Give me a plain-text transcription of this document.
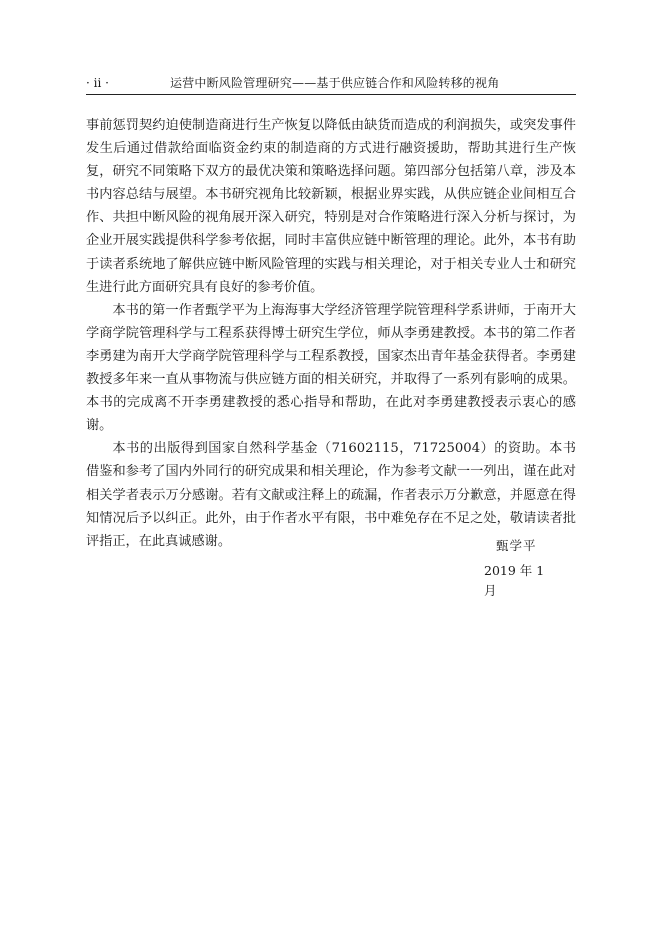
· ii ·	运营中断风险管理研究——基于供应链合作和风险转移的视角

事前惩罚契约迫使制造商进行生产恢复以降低由缺货而造成的利润损失，或突发事件发生后通过借款给面临资金约束的制造商的方式进行融资援助，帮助其进行生产恢复，研究不同策略下双方的最优决策和策略选择问题。第四部分包括第八章，涉及本书内容总结与展望。本书研究视角比较新颖，根据业界实践，从供应链企业间相互合作、共担中断风险的视角展开深入研究，特别是对合作策略进行深入分析与探讨，为企业开展实践提供科学参考依据，同时丰富供应链中断管理的理论。此外，本书有助于读者系统地了解供应链中断风险管理的实践与相关理论，对于相关专业人士和研究生进行此方面研究具有良好的参考价值。

本书的第一作者甄学平为上海海事大学经济管理学院管理科学系讲师，于南开大学商学院管理科学与工程系获得博士研究生学位，师从李勇建教授。本书的第二作者李勇建为南开大学商学院管理科学与工程系教授，国家杰出青年基金获得者。李勇建教授多年来一直从事物流与供应链方面的相关研究，并取得了一系列有影响的成果。本书的完成离不开李勇建教授的悉心指导和帮助，在此对李勇建教授表示衷心的感谢。

本书的出版得到国家自然科学基金（71602115，71725004）的资助。本书借鉴和参考了国内外同行的研究成果和相关理论，作为参考文献一一列出，谨在此对相关学者表示万分感谢。若有文献或注释上的疏漏，作者表示万分歉意，并愿意在得知情况后予以纠正。此外，由于作者水平有限，书中难免存在不足之处，敬请读者批评指正，在此真诚感谢。	甄学平
2019 年 1 月
